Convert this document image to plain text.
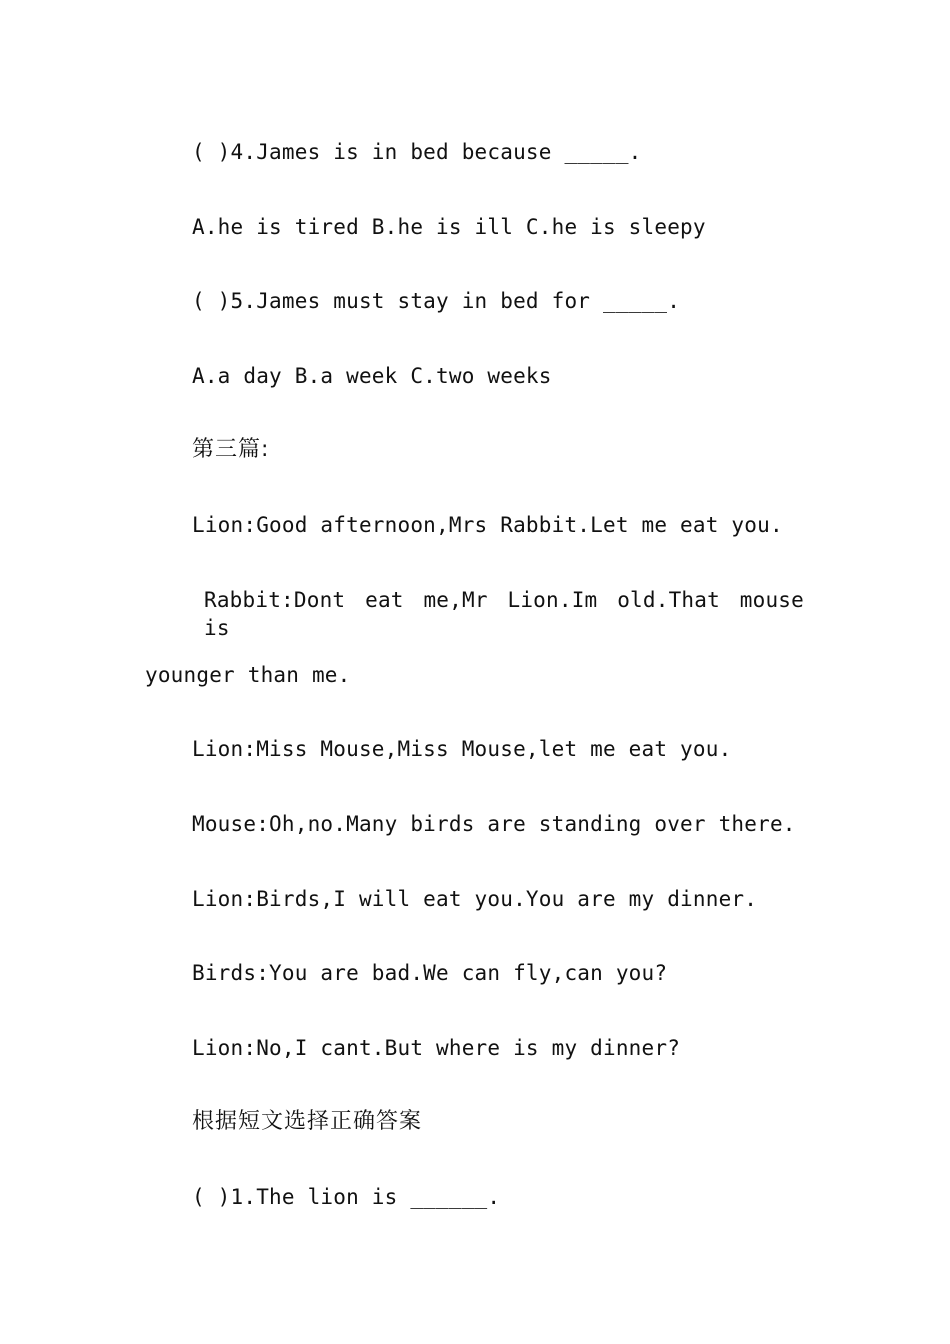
( )4.James is in bed because _____.
A.he is tired B.he is ill C.he is sleepy
( )5.James must stay in bed for _____.
A.a day B.a week C.two weeks
第三篇:
Lion:Good afternoon,Mrs Rabbit.Let me eat you.
Rabbit:Dont eat me,Mr Lion.Im old.That mouse is
younger than me.
Lion:Miss Mouse,Miss Mouse,let me eat you.
Mouse:Oh,no.Many birds are standing over there.
Lion:Birds,I will eat you.You are my dinner.
Birds:You are bad.We can fly,can you?
Lion:No,I cant.But where is my dinner?
根据短文选择正确答案
( )1.The lion is ______.
